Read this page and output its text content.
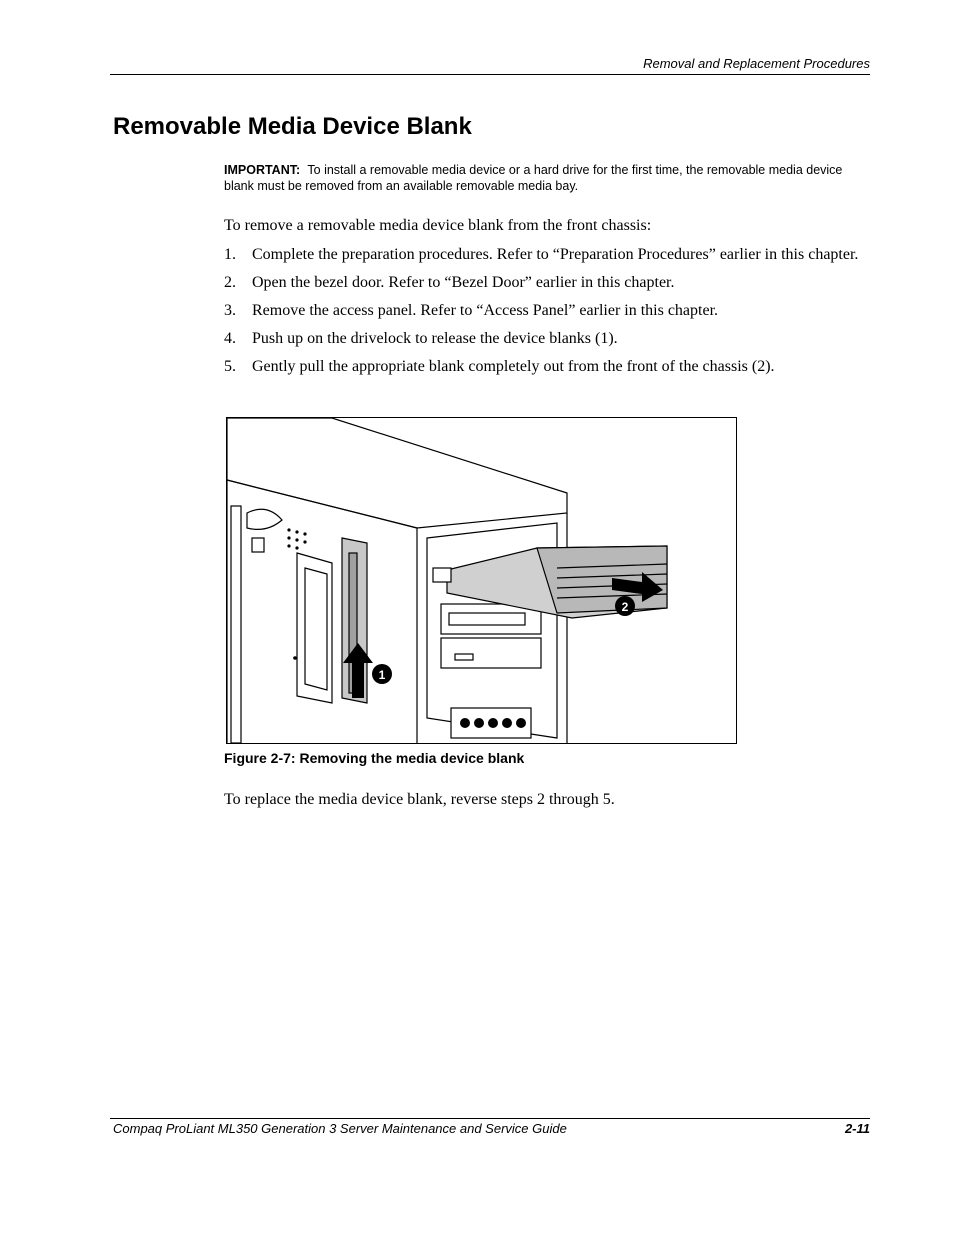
Removal and Replacement Procedures
Removable Media Device Blank
IMPORTANT: To install a removable media device or a hard drive for the first time, the removable media device blank must be removed from an available removable media bay.
To remove a removable media device blank from the front chassis:
1. Complete the preparation procedures. Refer to “Preparation Procedures” earlier in this chapter.
2. Open the bezel door. Refer to “Bezel Door” earlier in this chapter.
3. Remove the access panel. Refer to “Access Panel” earlier in this chapter.
4. Push up on the drivelock to release the device blanks (1).
5. Gently pull the appropriate blank completely out from the front of the chassis (2).
1
2
Figure 2-7: Removing the media device blank
To replace the media device blank, reverse steps 2 through 5.
Compaq ProLiant ML350 Generation 3 Server Maintenance and Service Guide	2-11
